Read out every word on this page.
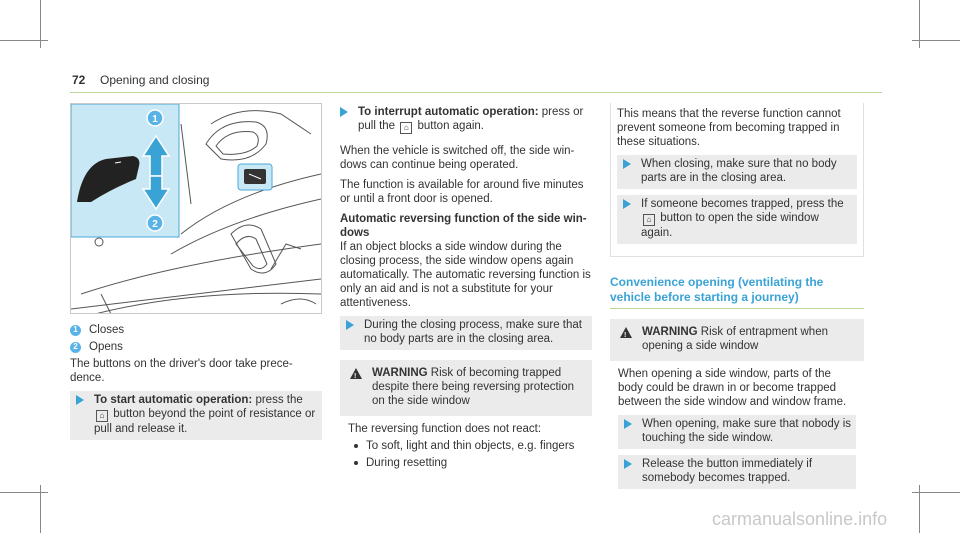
72 Opening and closing
1
2
1 Closes
2 Opens

The buttons on the driver's door take prece- dence.

To start automatic operation: press the
⌂ button beyond the point of resistance or pull and release it.
To interrupt automatic operation: press or pull the ⌂ button again.

When the vehicle is switched off, the side win- dows can continue being operated.

The function is available for around five minutes or until a front door is opened.

Automatic reversing function of the side win- dows

If an object blocks a side window during the closing process, the side window opens again automatically. The automatic reversing function is only an aid and is not a substitute for your attentiveness.

During the closing process, make sure that no body parts are in the closing area.
! WARNING Risk of becoming trapped despite there being reversing protection on the side window
The reversing function does not react:
To soft, light and thin objects, e.g. fingers
During resetting

This means that the reverse function cannot prevent someone from becoming trapped in these situations.

When closing, make sure that no body parts are in the closing area.
If someone becomes trapped, press the
⌂ button to open the side window again.
Convenience opening (ventilating the vehicle before starting a journey)
! WARNING Risk of entrapment when opening a side window
When opening a side window, parts of the body could be drawn in or become trapped between the side window and window frame.
When opening, make sure that nobody is touching the side window.
Release the button immediately if somebody becomes trapped.
carmanualsonline.info
